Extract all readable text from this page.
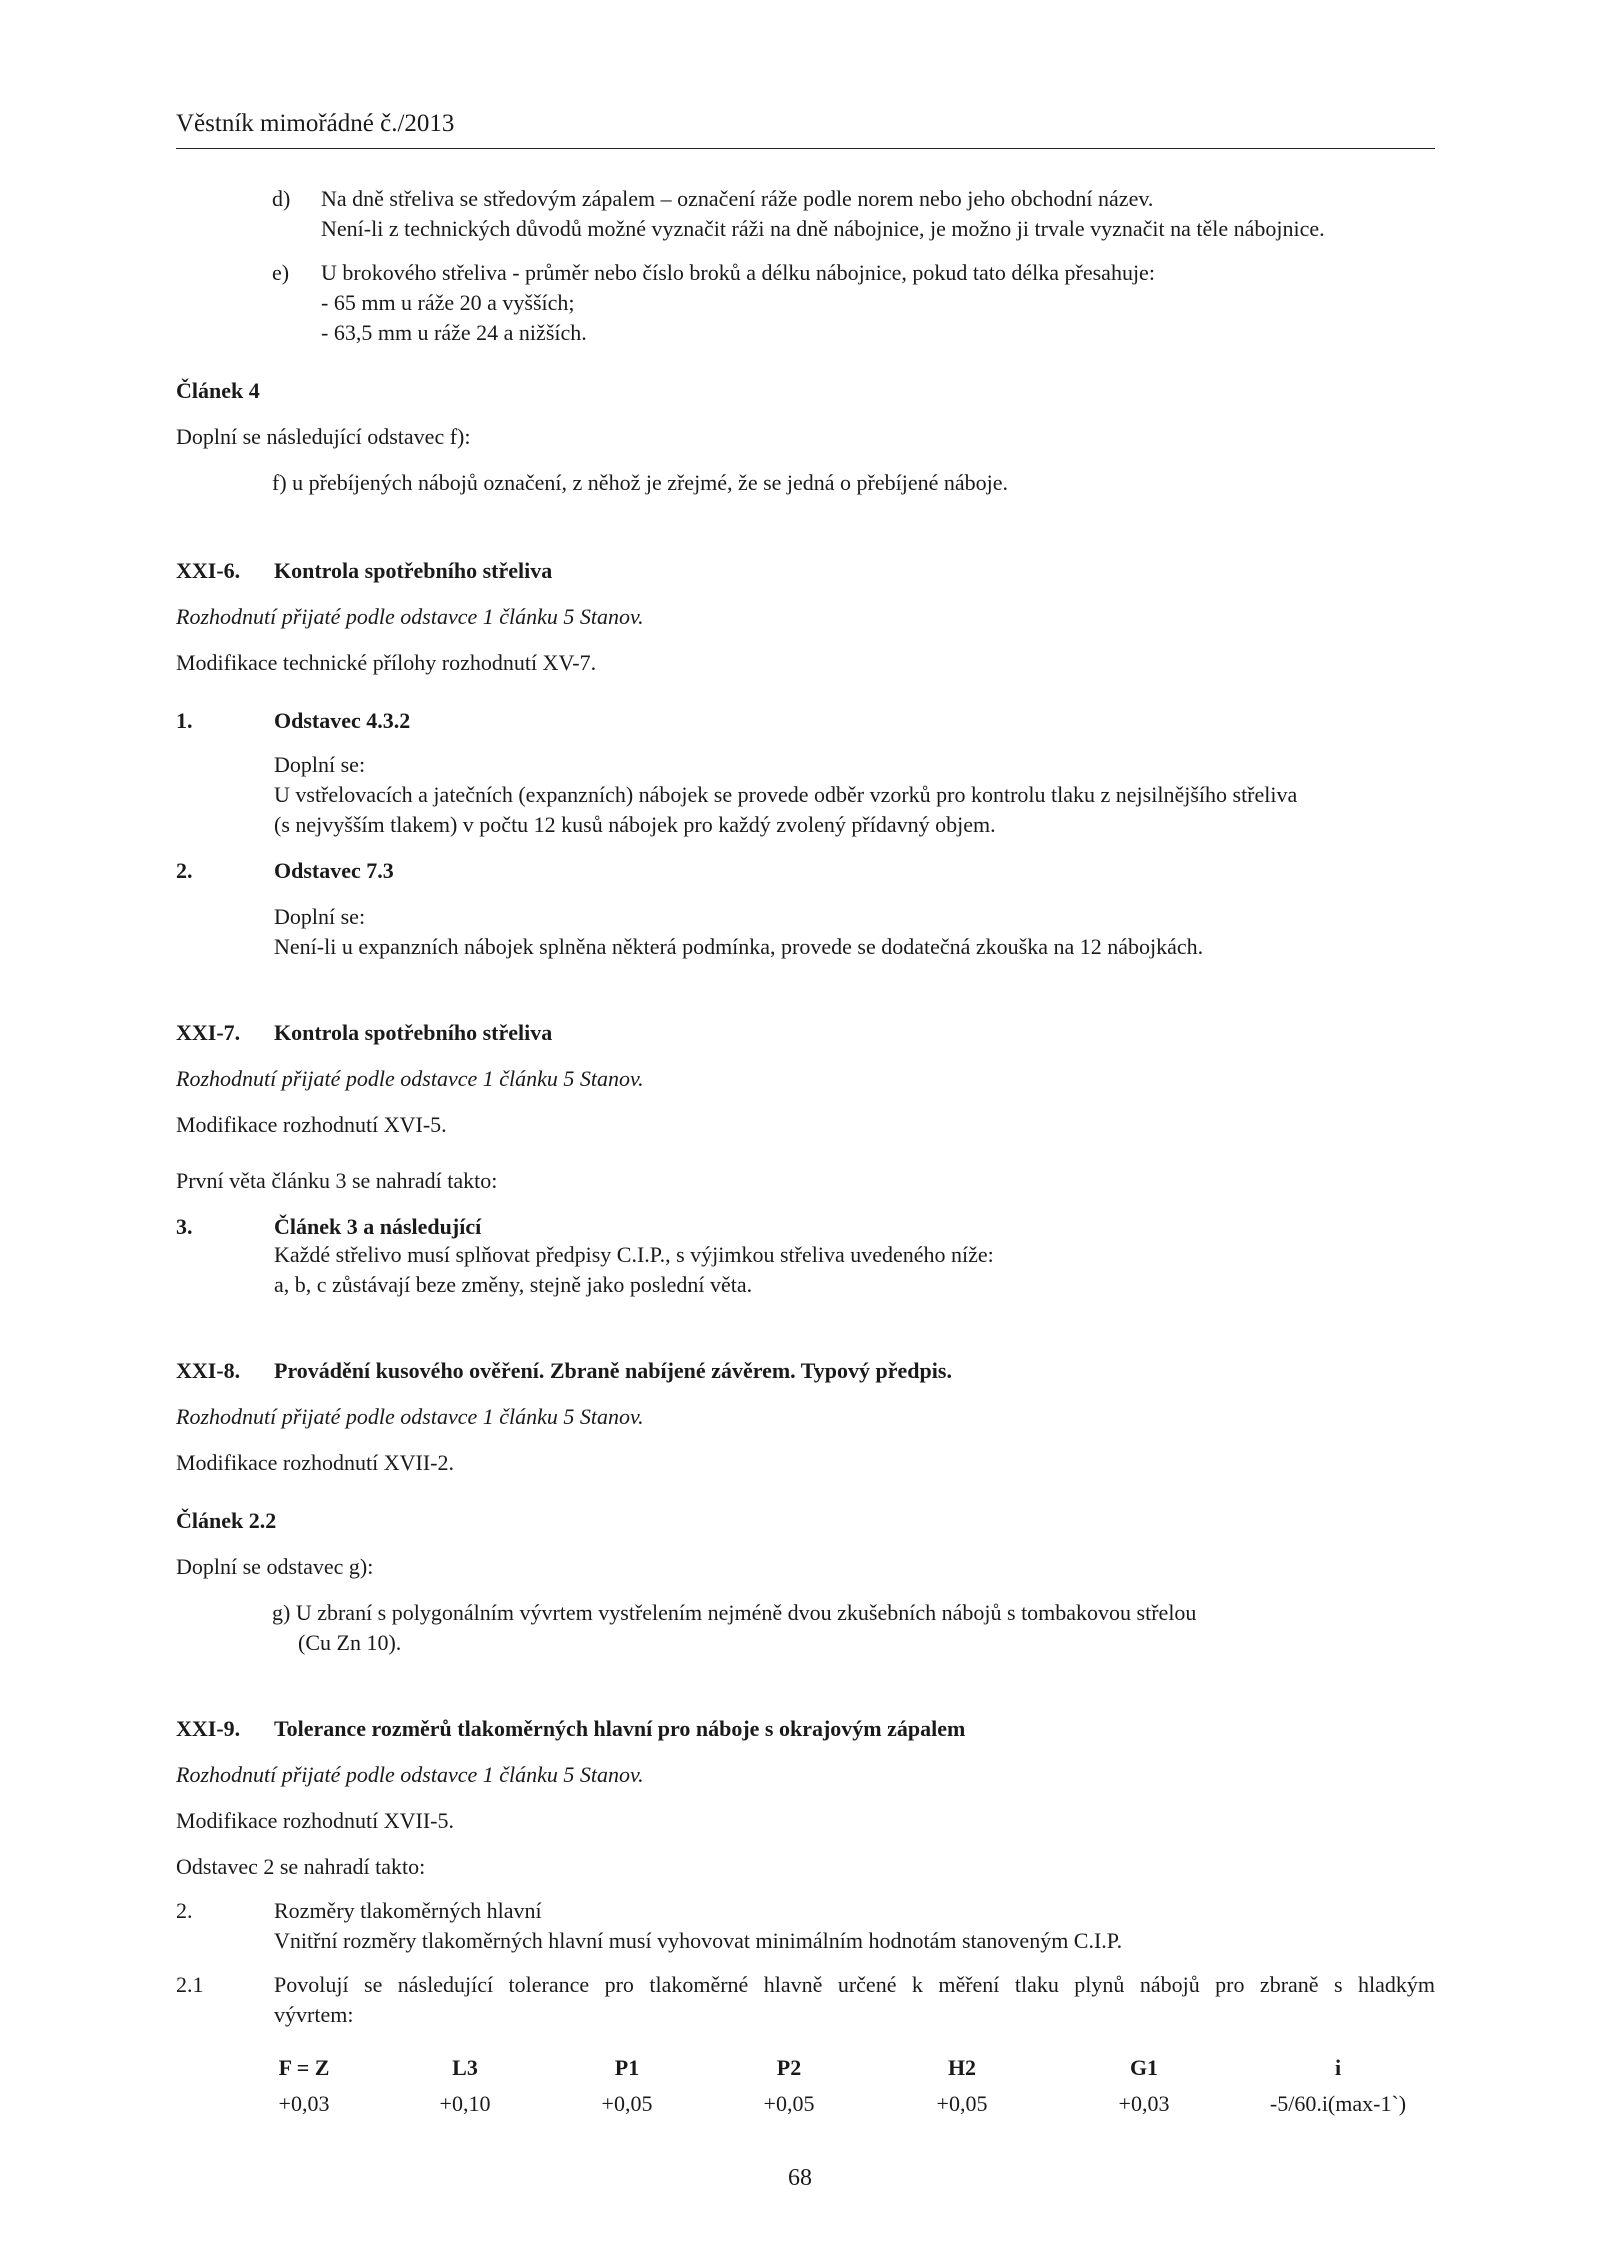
Věstník mimořádné č./2013
d) Na dně střeliva se středovým zápalem – označení ráže podle norem nebo jeho obchodní název.
Není-li z technických důvodů možné vyznačit ráži na dně nábojnice, je možno ji trvale vyznačit na těle nábojnice.
e) U brokového střeliva - průměr nebo číslo broků a délku nábojnice, pokud tato délka přesahuje:
- 65 mm u ráže 20 a vyšších;
- 63,5 mm u ráže 24 a nižších.
Článek 4
Doplní se následující odstavec f):
f) u přebíjených nábojů označení, z něhož je zřejmé, že se jedná o přebíjené náboje.
XXI-6. Kontrola spotřebního střeliva
Rozhodnutí přijaté podle odstavce 1 článku 5 Stanov.
Modifikace technické přílohy rozhodnutí XV-7.
1.	Odstavec 4.3.2
Doplní se:
U vstřelovacích a jatečních (expanzních) nábojek se provede odběr vzorků pro kontrolu tlaku z nejsilnějšího střeliva
(s nejvyšším tlakem) v počtu 12 kusů nábojek pro každý zvolený přídavný objem.
2.	Odstavec 7.3
Doplní se:
Není-li u expanzních nábojek splněna některá podmínka, provede se dodatečná zkouška na 12 nábojkách.
XXI-7. Kontrola spotřebního střeliva
Rozhodnutí přijaté podle odstavce 1 článku 5 Stanov.
Modifikace rozhodnutí XVI-5.
První věta článku 3 se nahradí takto:
3.	Článek 3 a následující
Každé střelivo musí splňovat předpisy C.I.P., s výjimkou střeliva uvedeného níže:
a, b, c zůstávají beze změny, stejně jako poslední věta.
XXI-8. Provádění kusového ověření. Zbraně nabíjené závěrem. Typový předpis.
Rozhodnutí přijaté podle odstavce 1 článku 5 Stanov.
Modifikace rozhodnutí XVII-2.
Článek 2.2
Doplní se odstavec g):
g) U zbraní s polygonálním vývrtem vystřelením nejméně dvou zkušebních nábojů s tombakovou střelou
(Cu Zn 10).
XXI-9. Tolerance rozměrů tlakoměrných hlavní pro náboje s okrajovým zápalem
Rozhodnutí přijaté podle odstavce 1 článku 5 Stanov.
Modifikace rozhodnutí XVII-5.
Odstavec 2 se nahradí takto:
2.	Rozměry tlakoměrných hlavní
Vnitřní rozměry tlakoměrných hlavní musí vyhovovat minimálním hodnotám stanoveným C.I.P.
2.1	Povolují se následující tolerance pro tlakoměrné hlavně určené k měření tlaku plynů nábojů pro zbraně s hladkým
vývrtem:
F = Z	L3	P1	P2	H2	G1	i
+0,03	+0,10	+0,05	+0,05	+0,05	+0,03	-5/60.i(max-1`)
68
